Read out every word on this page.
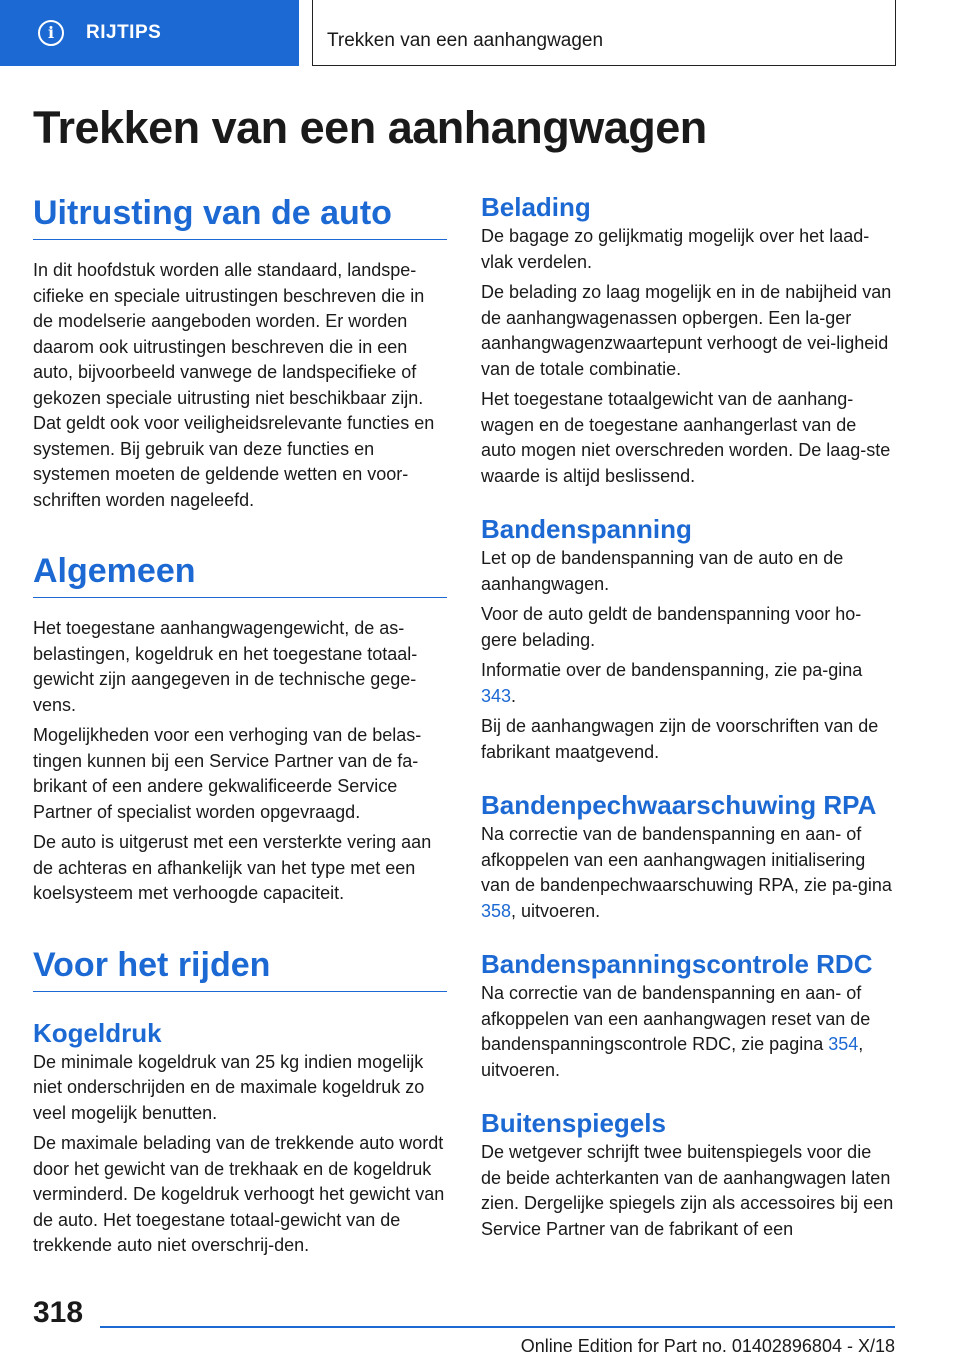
i	RIJTIPS	Trekken van een aanhangwagen
Trekken van een aanhangwagen
Uitrusting van de auto

In dit hoofdstuk worden alle standaard, landspe-cifieke en speciale uitrustingen beschreven die in de modelserie aangeboden worden. Er worden daarom ook uitrustingen beschreven die in een auto, bijvoorbeeld vanwege de landspecifieke of gekozen speciale uitrusting niet beschikbaar zijn. Dat geldt ook voor veiligheidsrelevante functies en systemen. Bij gebruik van deze functies en systemen moeten de geldende wetten en voor-schriften worden nageleefd.

Algemeen

Het toegestane aanhangwagengewicht, de as-belastingen, kogeldruk en het toegestane totaal-gewicht zijn aangegeven in de technische gege-vens.

Mogelijkheden voor een verhoging van de belas-tingen kunnen bij een Service Partner van de fa-brikant of een andere gekwalificeerde Service Partner of specialist worden opgevraagd.

De auto is uitgerust met een versterkte vering aan de achteras en afhankelijk van het type met een koelsysteem met verhoogde capaciteit.

Voor het rijden
Kogeldruk

De minimale kogeldruk van 25 kg indien mogelijk niet onderschrijden en de maximale kogeldruk zo veel mogelijk benutten.

De maximale belading van de trekkende auto wordt door het gewicht van de trekhaak en de kogeldruk verminderd. De kogeldruk verhoogt het gewicht van de auto. Het toegestane totaal-gewicht van de trekkende auto niet overschrij-den.

Belading

De bagage zo gelijkmatig mogelijk over het laad-vlak verdelen.

De belading zo laag mogelijk en in de nabijheid van de aanhangwagenassen opbergen. Een la-ger aanhangwagenzwaartepunt verhoogt de vei-ligheid van de totale combinatie.

Het toegestane totaalgewicht van de aanhang-wagen en de toegestane aanhangerlast van de auto mogen niet overschreden worden. De laag-ste waarde is altijd beslissend.

Bandenspanning

Let op de bandenspanning van de auto en de aanhangwagen.

Voor de auto geldt de bandenspanning voor ho-gere belading.

Informatie over de bandenspanning, zie pa-gina 343.

Bij de aanhangwagen zijn de voorschriften van de fabrikant maatgevend.

Bandenpechwaarschuwing RPA

Na correctie van de bandenspanning en aan- of afkoppelen van een aanhangwagen initialisering van de bandenpechwaarschuwing RPA, zie pa-gina 358, uitvoeren.

Bandenspanningscontrole RDC

Na correctie van de bandenspanning en aan- of afkoppelen van een aanhangwagen reset van de bandenspanningscontrole RDC, zie pagina 354, uitvoeren.

Buitenspiegels

De wetgever schrijft twee buitenspiegels voor die de beide achterkanten van de aanhangwagen laten zien. Dergelijke spiegels zijn als accessoires bij een Service Partner van de fabrikant of een

318
Online Edition for Part no. 01402896804 - X/18
